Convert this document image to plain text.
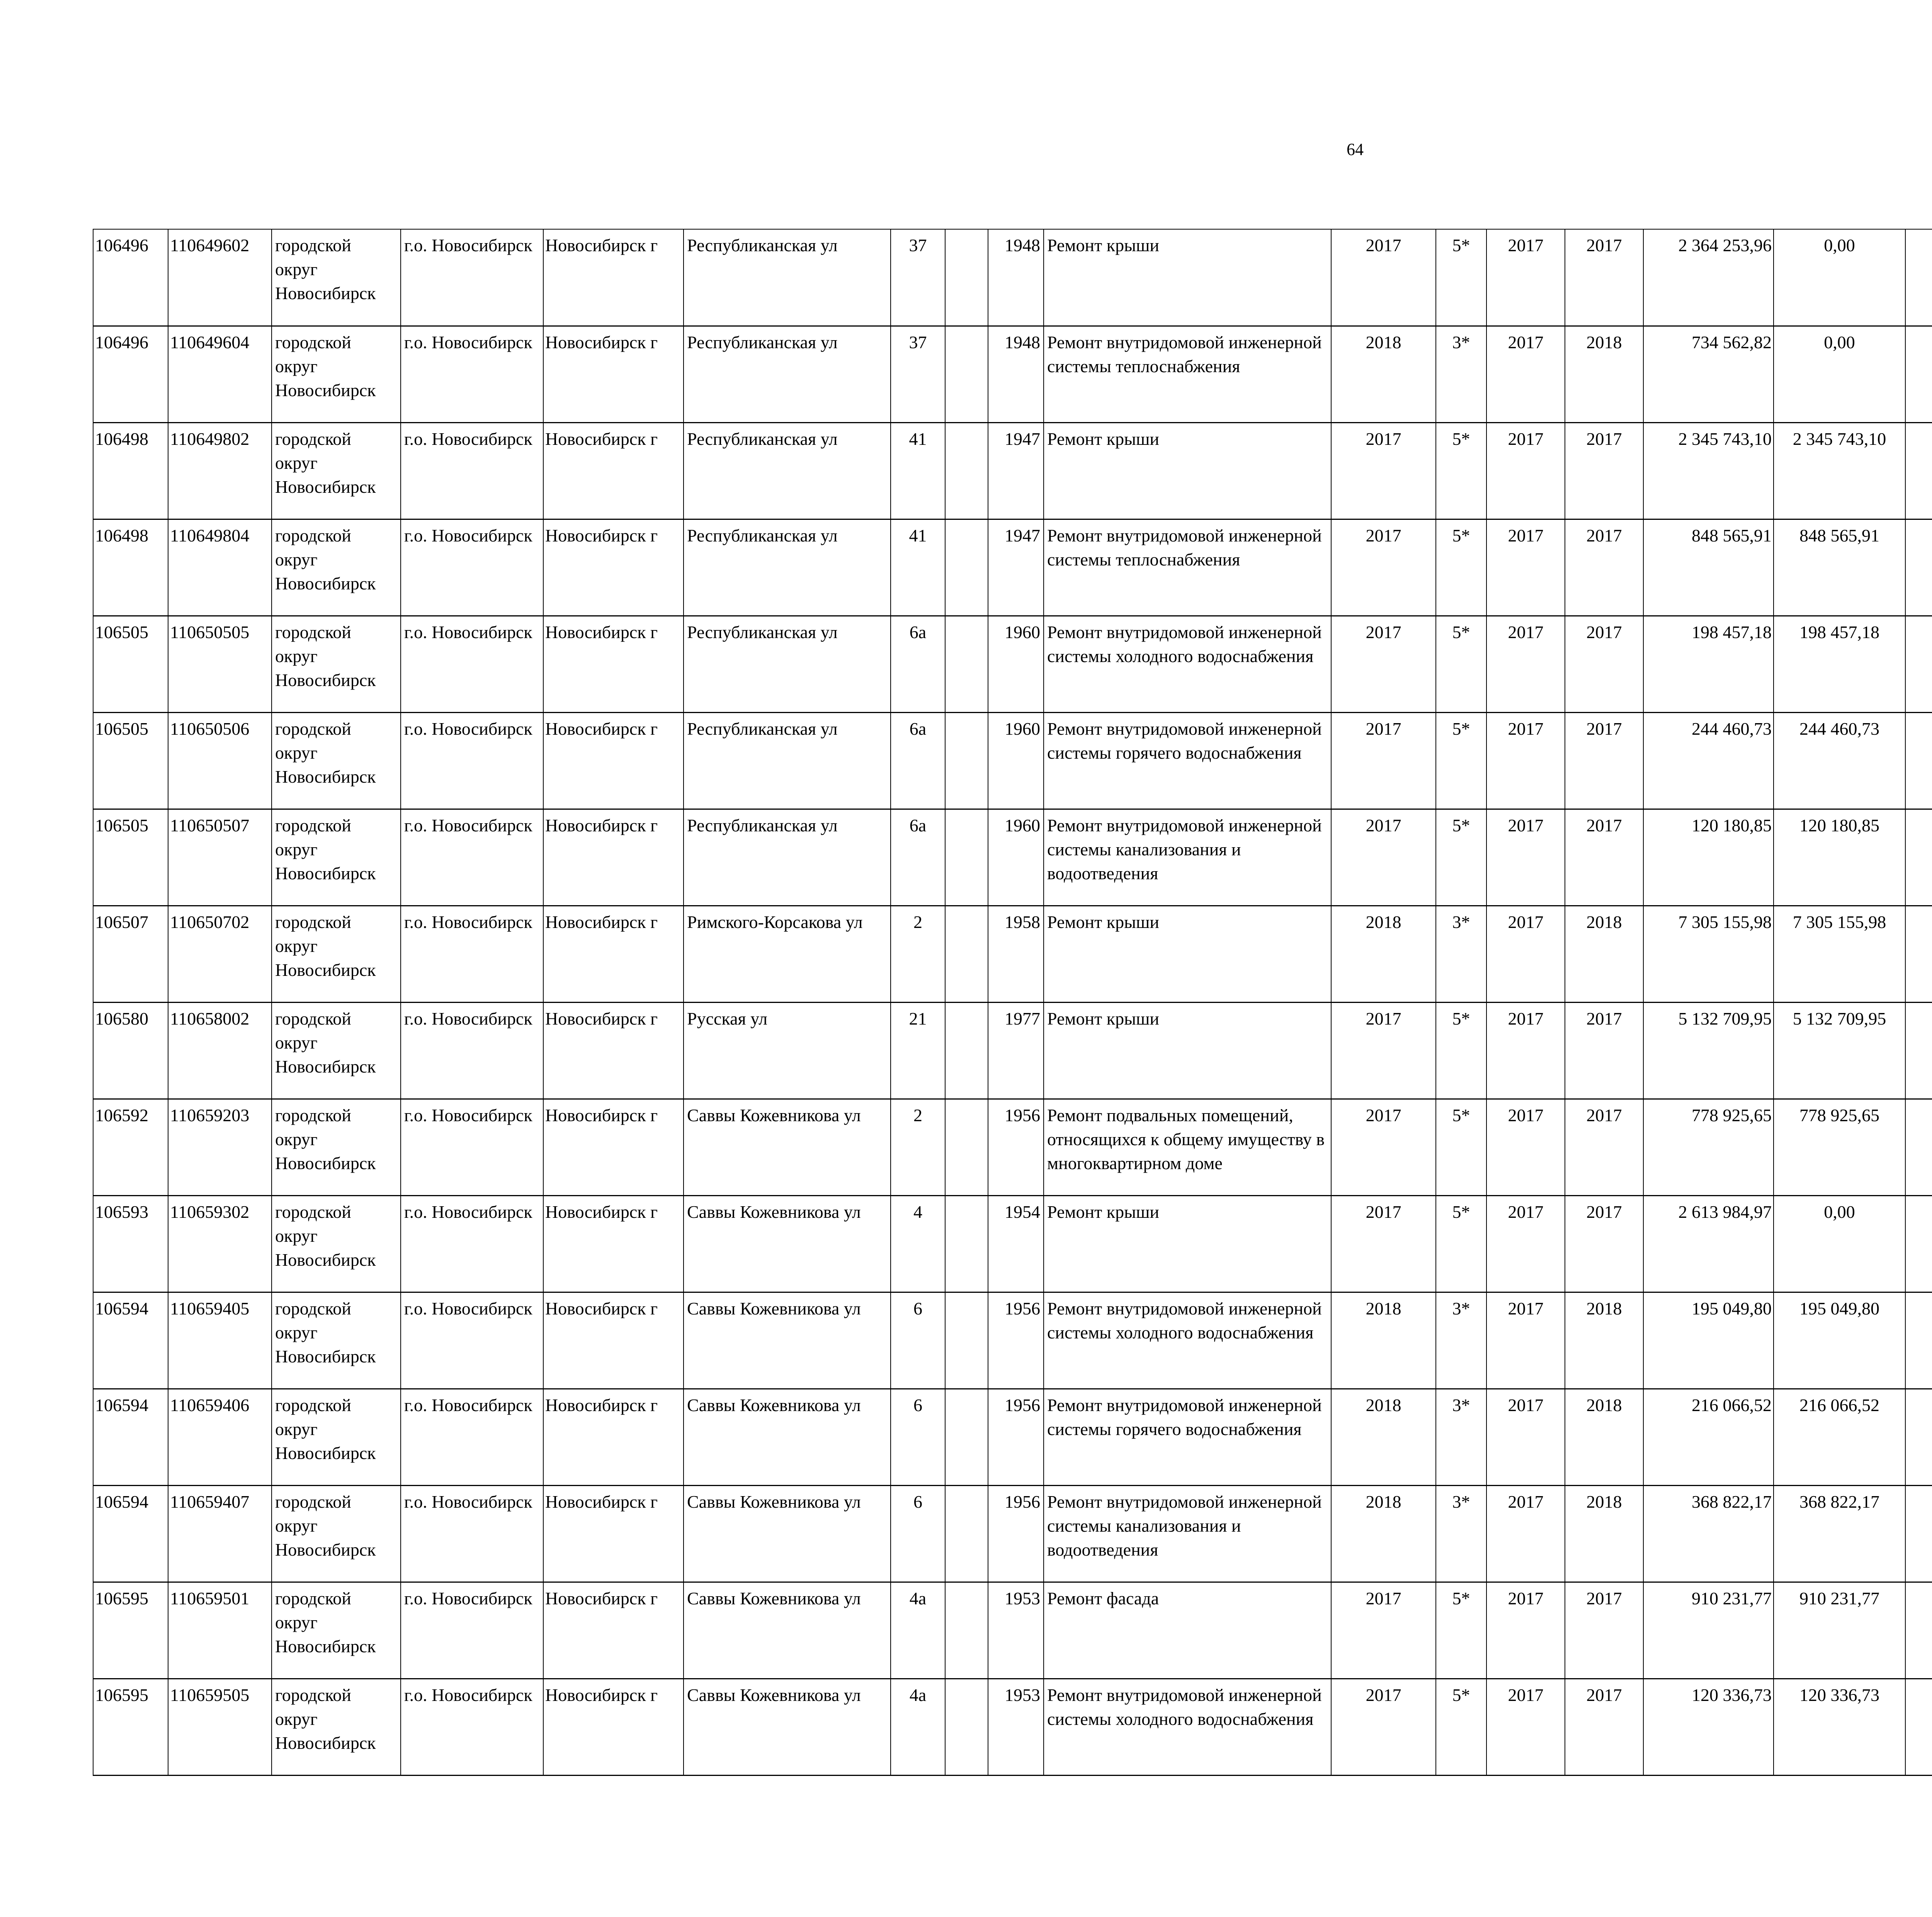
64
106496	110649602	городской округ Новосибирск	г.о. Новосибирск	Новосибирск г	Республиканская ул	37		1948	Ремонт крыши	2017	5*	2017	2017	2 364 253,96	0,00						
106496	110649604	городской округ Новосибирск	г.о. Новосибирск	Новосибирск г	Республиканская ул	37		1948	Ремонт внутридомовой инженерной системы теплоснабжения	2018	3*	2017	2018	734 562,82	0,00						
106498	110649802	городской округ Новосибирск	г.о. Новосибирск	Новосибирск г	Республиканская ул	41		1947	Ремонт крыши	2017	5*	2017	2017	2 345 743,10	2 345 743,10						
106498	110649804	городской округ Новосибирск	г.о. Новосибирск	Новосибирск г	Республиканская ул	41		1947	Ремонт внутридомовой инженерной системы теплоснабжения	2017	5*	2017	2017	848 565,91	848 565,91						
106505	110650505	городской округ Новосибирск	г.о. Новосибирск	Новосибирск г	Республиканская ул	6а		1960	Ремонт внутридомовой инженерной системы холодного водоснабжения	2017	5*	2017	2017	198 457,18	198 457,18						
106505	110650506	городской округ Новосибирск	г.о. Новосибирск	Новосибирск г	Республиканская ул	6а		1960	Ремонт внутридомовой инженерной системы горячего водоснабжения	2017	5*	2017	2017	244 460,73	244 460,73						
106505	110650507	городской округ Новосибирск	г.о. Новосибирск	Новосибирск г	Республиканская ул	6а		1960	Ремонт внутридомовой инженерной системы канализования и водоотведения	2017	5*	2017	2017	120 180,85	120 180,85						
106507	110650702	городской округ Новосибирск	г.о. Новосибирск	Новосибирск г	Римского-Корсакова ул	2		1958	Ремонт крыши	2018	3*	2017	2018	7 305 155,98	7 305 155,98						
106580	110658002	городской округ Новосибирск	г.о. Новосибирск	Новосибирск г	Русская ул	21		1977	Ремонт крыши	2017	5*	2017	2017	5 132 709,95	5 132 709,95						
106592	110659203	городской округ Новосибирск	г.о. Новосибирск	Новосибирск г	Саввы Кожевникова ул	2		1956	Ремонт подвальных помещений, относящихся к общему имуществу в многоквартирном доме	2017	5*	2017	2017	778 925,65	778 925,65						
106593	110659302	городской округ Новосибирск	г.о. Новосибирск	Новосибирск г	Саввы Кожевникова ул	4		1954	Ремонт крыши	2017	5*	2017	2017	2 613 984,97	0,00						
106594	110659405	городской округ Новосибирск	г.о. Новосибирск	Новосибирск г	Саввы Кожевникова ул	6		1956	Ремонт внутридомовой инженерной системы холодного водоснабжения	2018	3*	2017	2018	195 049,80	195 049,80						
106594	110659406	городской округ Новосибирск	г.о. Новосибирск	Новосибирск г	Саввы Кожевникова ул	6		1956	Ремонт внутридомовой инженерной системы горячего водоснабжения	2018	3*	2017	2018	216 066,52	216 066,52						
106594	110659407	городской округ Новосибирск	г.о. Новосибирск	Новосибирск г	Саввы Кожевникова ул	6		1956	Ремонт внутридомовой инженерной системы канализования и водоотведения	2018	3*	2017	2018	368 822,17	368 822,17						
106595	110659501	городской округ Новосибирск	г.о. Новосибирск	Новосибирск г	Саввы Кожевникова ул	4а		1953	Ремонт фасада	2017	5*	2017	2017	910 231,77	910 231,77						
106595	110659505	городской округ Новосибирск	г.о. Новосибирск	Новосибирск г	Саввы Кожевникова ул	4а		1953	Ремонт внутридомовой инженерной системы холодного водоснабжения	2017	5*	2017	2017	120 336,73	120 336,73						
